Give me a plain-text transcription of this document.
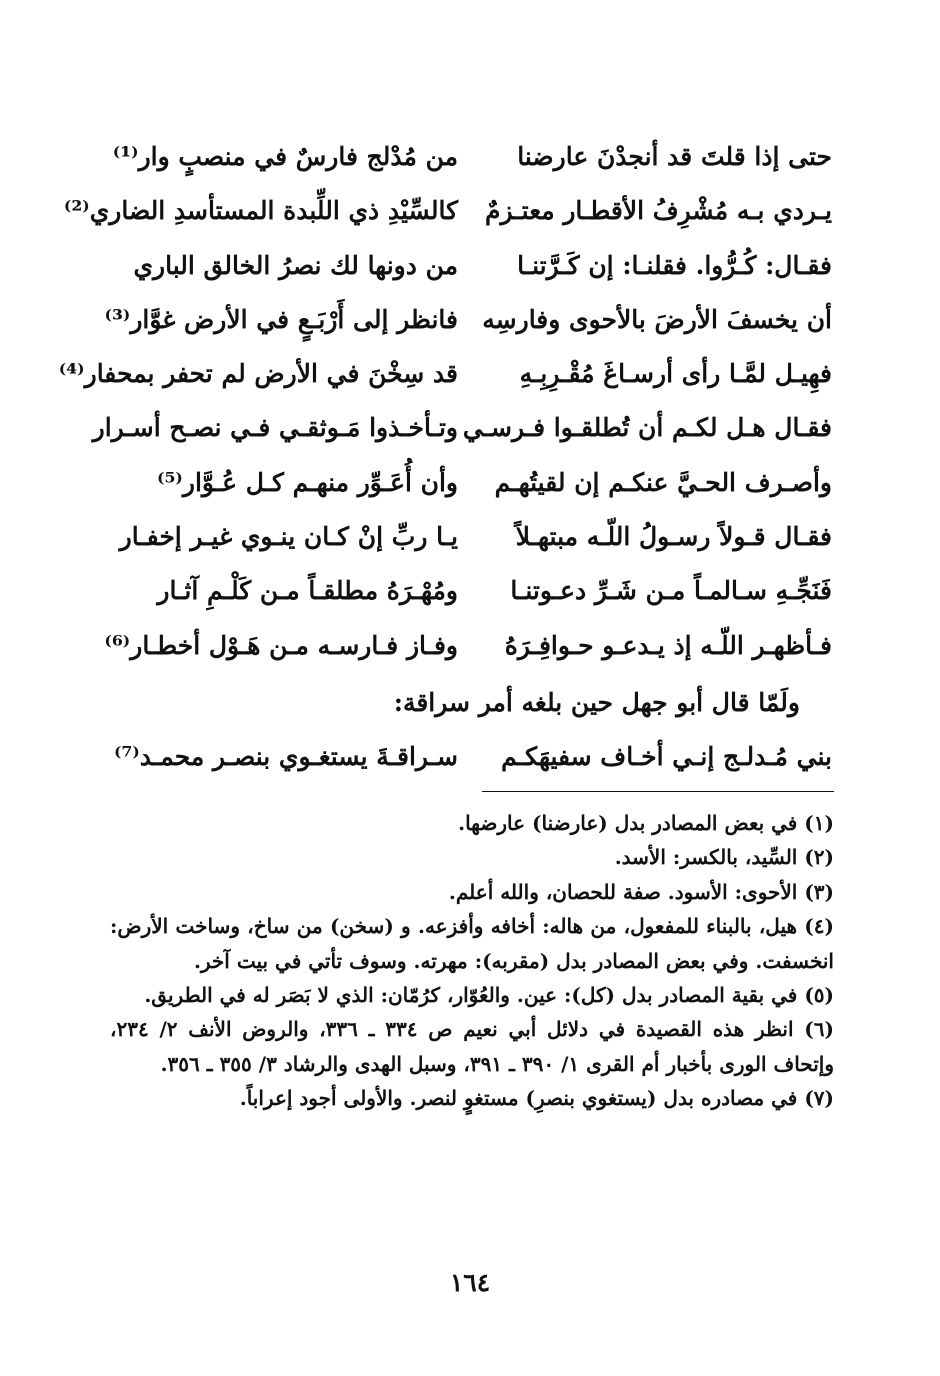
حتى إذا قلتَ قد أنجدْنَ عارضنا
من مُدْلج فارسٌ في منصبٍ وار⁽¹⁾
يـردي بـه مُشْرِفُ الأقطـار معتـزمٌ
كالسِّيْدِ ذي اللِّبدة المستأسدِ الضاري⁽²⁾
فقـال: كُـرُّوا. فقلنـا: إن كَـرَّتنـا
من دونها لك نصرُ الخالق الباري
أن يخسفَ الأرضَ بالأحوى وفارسِه
فانظر إلى أَرْبَـعٍ في الأرض غوَّار⁽³⁾
فهِيـل لمَّـا رأى أرسـاغَ مُقْـرِبِـهِ
قد سِخْنَ في الأرض لم تحفر بمحفار⁽⁴⁾
فقـال هـل لكـم أن تُطلقـوا فـرسـي
وتـأخـذوا مَـوثقـي فـي نصـح أسـرار
وأصـرف الحـيَّ عنكـم إن لقيتُهـم
وأن أُعَـوِّر منهـم كـل عُـوَّار⁽⁵⁾
فقـال قـولاً رسـولُ اللّـه مبتهـلاً
يـا ربِّ إنْ كـان ينـوي غيـر إخفـار
فَنَجِّـهِ سـالمـاً مـن شَـرِّ دعـوتنـا
ومُهْـرَهُ مطلقـاً مـن كَلْـمِ آثـار
فـأظهـر اللّـه إذ يـدعـو حـوافِـرَهُ
وفـاز فـارسـه مـن هَـوْل أخطـار⁽⁶⁾
ولَمّا قال أبو جهل حين بلغه أمر سراقة:
بني مُـدلـج إنـي أخـاف سفيهَكـم
سـراقـةَ يستغـوي بنصـر محمـد⁽⁷⁾

(١) في بعض المصادر بدل (عارضنا) عارضها.

(٢) السِّيد، بالكسر: الأسد.

(٣) الأحوى: الأسود. صفة للحصان، والله أعلم.

(٤) هيل، بالبناء للمفعول، من هاله: أخافه وأفزعه. و (سخن) من ساخ، وساخت الأرض: انخسفت. وفي بعض المصادر بدل (مقربه): مهرته. وسوف تأتي في بيت آخر.

(٥) في بقية المصادر بدل (كل): عين. والعُوّار، كرُمّان: الذي لا بَصَر له في الطريق.

(٦) انظر هذه القصيدة في دلائل أبي نعيم ص ٣٣٤ ـ ٣٣٦، والروض الأنف ٢/ ٢٣٤، وإتحاف الورى بأخبار أم القرى ١/ ٣٩٠ ـ ٣٩١، وسبل الهدى والرشاد ٣/ ٣٥٥ ـ ٣٥٦.

(٧) في مصادره بدل (يستغوي بنصرِ) مستغوٍ لنصر. والأولى أجود إعراباً.

١٦٤
